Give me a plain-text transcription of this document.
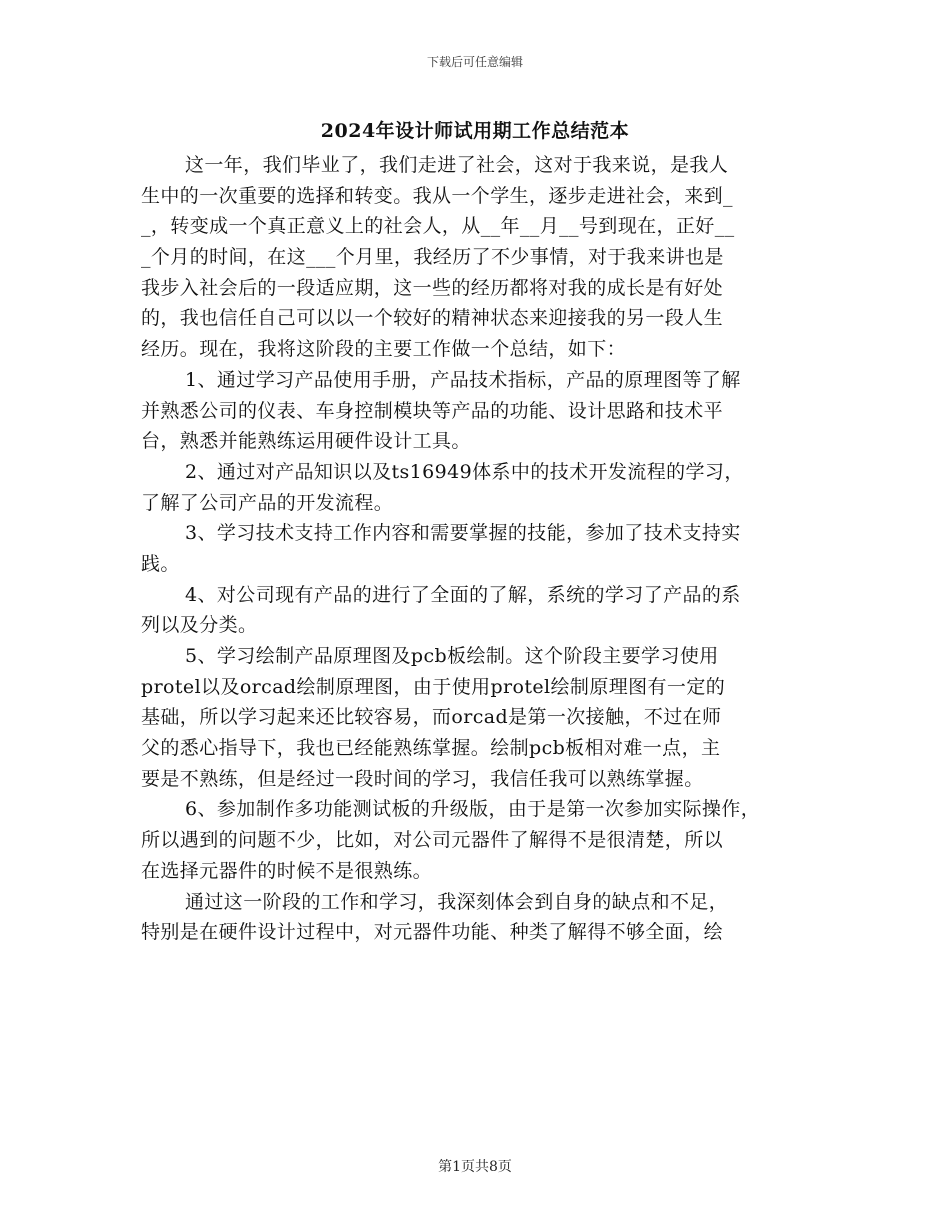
下载后可任意编辑
2024年设计师试用期工作总结范本
这一年，我们毕业了，我们走进了社会，这对于我来说，是我人
生中的一次重要的选择和转变。我从一个学生，逐步走进社会，来到_
_，转变成一个真正意义上的社会人，从__年__月__号到现在，正好__
_个月的时间，在这___个月里，我经历了不少事情，对于我来讲也是
我步入社会后的一段适应期，这一些的经历都将对我的成长是有好处
的，我也信任自己可以以一个较好的精神状态来迎接我的另一段人生
经历。现在，我将这阶段的主要工作做一个总结，如下：
1、通过学习产品使用手册，产品技术指标，产品的原理图等了解
并熟悉公司的仪表、车身控制模块等产品的功能、设计思路和技术平
台，熟悉并能熟练运用硬件设计工具。
2、通过对产品知识以及ts16949体系中的技术开发流程的学习，
了解了公司产品的开发流程。
3、学习技术支持工作内容和需要掌握的技能，参加了技术支持实
践。
4、对公司现有产品的进行了全面的了解，系统的学习了产品的系
列以及分类。
5、学习绘制产品原理图及pcb板绘制。这个阶段主要学习使用
protel以及orcad绘制原理图，由于使用protel绘制原理图有一定的
基础，所以学习起来还比较容易，而orcad是第一次接触，不过在师
父的悉心指导下，我也已经能熟练掌握。绘制pcb板相对难一点，主
要是不熟练，但是经过一段时间的学习，我信任我可以熟练掌握。
6、参加制作多功能测试板的升级版，由于是第一次参加实际操作，
所以遇到的问题不少，比如，对公司元器件了解得不是很清楚，所以
在选择元器件的时候不是很熟练。
通过这一阶段的工作和学习，我深刻体会到自身的缺点和不足，
特别是在硬件设计过程中，对元器件功能、种类了解得不够全面，绘
第1页共8页
